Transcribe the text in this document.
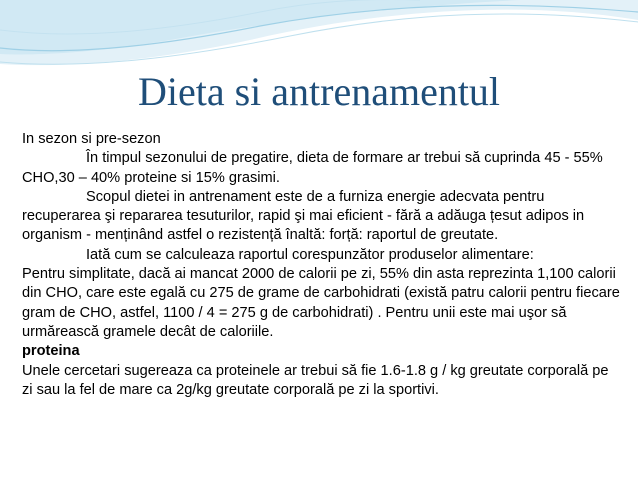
Dieta si antrenamentul

In sezon si pre-sezon

În timpul sezonului de pregatire, dieta de formare ar trebui să cuprinda 45 - 55% CHO,30 – 40% proteine si 15% grasimi.

Scopul dietei in antrenament este de a furniza energie adecvata pentru recuperarea şi repararea tesuturilor, rapid şi mai eficient - fără a adăuga țesut adipos in organism - menținând astfel o rezistență înaltă: forță: raportul de greutate.

Iată cum se calculeaza raportul corespunzător produselor alimentare:

Pentru simplitate, dacă ai mancat 2000 de calorii pe zi, 55% din asta reprezinta 1,100 calorii din CHO, care este egală cu 275 de grame de carbohidrati (există patru calorii pentru fiecare gram de CHO, astfel, 1100 / 4 = 275 g de carbohidrati) . Pentru unii este mai uşor să urmărească gramele decât de caloriile.

proteina

Unele cercetari sugereaza ca proteinele ar trebui să fie 1.6-1.8 g / kg greutate corporală pe zi sau la fel de mare ca 2g/kg greutate corporală pe zi la sportivi.
